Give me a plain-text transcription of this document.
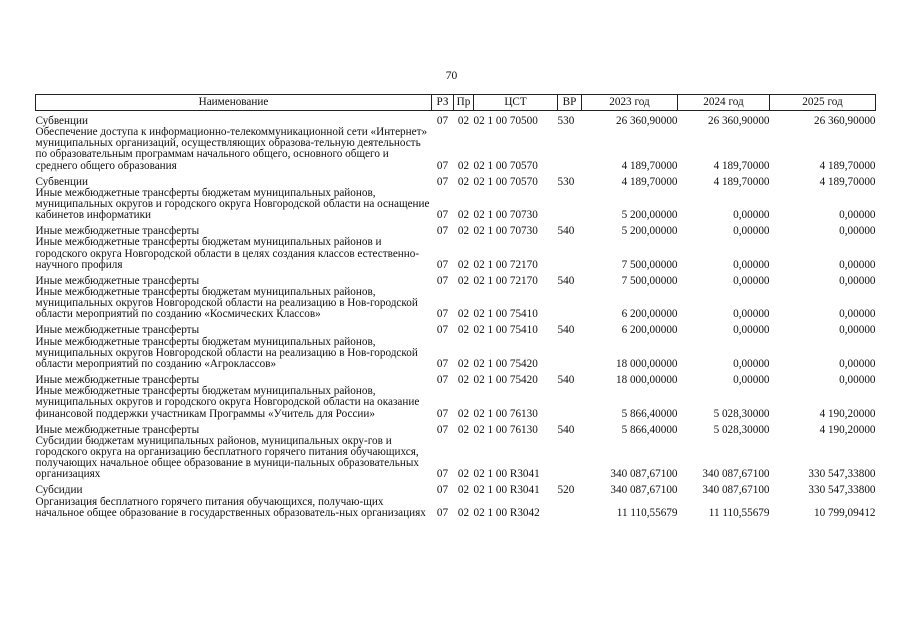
70
Наименование	РЗ	Пр	ЦСТ	ВР	2023 год	2024 год	2025 год
Субвенции	07	02	02 1 00 70500	530	26 360,90000	26 360,90000	26 360,90000
Обеспечение доступа к информационно-телекоммуникационной сети «Интернет» муниципальных организаций, осуществляющих образова-тельную деятельность по образовательным программам начального общего, основного общего и среднего общего образования	07	02	02 1 00 70570		4 189,70000	4 189,70000	4 189,70000
Субвенции	07	02	02 1 00 70570	530	4 189,70000	4 189,70000	4 189,70000
Иные межбюджетные трансферты бюджетам муниципальных районов, муниципальных округов и городского округа Новгородской области на оснащение кабинетов информатики	07	02	02 1 00 70730		5 200,00000	0,00000	0,00000
Иные межбюджетные трансферты	07	02	02 1 00 70730	540	5 200,00000	0,00000	0,00000
Иные межбюджетные трансферты бюджетам муниципальных районов и городского округа Новгородской области в целях создания классов естественно-научного профиля	07	02	02 1 00 72170		7 500,00000	0,00000	0,00000
Иные межбюджетные трансферты	07	02	02 1 00 72170	540	7 500,00000	0,00000	0,00000
Иные межбюджетные трансферты бюджетам муниципальных районов, муниципальных округов Новгородской области на реализацию в Нов-городской области мероприятий по созданию «Космических Классов»	07	02	02 1 00 75410		6 200,00000	0,00000	0,00000
Иные межбюджетные трансферты	07	02	02 1 00 75410	540	6 200,00000	0,00000	0,00000
Иные межбюджетные трансферты бюджетам муниципальных районов, муниципальных округов Новгородской области на реализацию в Нов-городской области мероприятий по созданию «Агроклассов»	07	02	02 1 00 75420		18 000,00000	0,00000	0,00000
Иные межбюджетные трансферты	07	02	02 1 00 75420	540	18 000,00000	0,00000	0,00000
Иные межбюджетные трансферты бюджетам муниципальных районов, муниципальных округов и городского округа Новгородской области на оказание финансовой поддержки участникам Программы «Учитель для России»	07	02	02 1 00 76130		5 866,40000	5 028,30000	4 190,20000
Иные межбюджетные трансферты	07	02	02 1 00 76130	540	5 866,40000	5 028,30000	4 190,20000
Субсидии бюджетам муниципальных районов, муниципальных окру-гов и городского округа на организацию бесплатного горячего питания обучающихся, получающих начальное общее образование в муници-пальных образовательных организациях	07	02	02 1 00 R3041		340 087,67100	340 087,67100	330 547,33800
Субсидии	07	02	02 1 00 R3041	520	340 087,67100	340 087,67100	330 547,33800
Организация бесплатного горячего питания обучающихся, получаю-щих начальное общее образование в государственных образователь-ных организациях	07	02	02 1 00 R3042		11 110,55679	11 110,55679	10 799,09412
